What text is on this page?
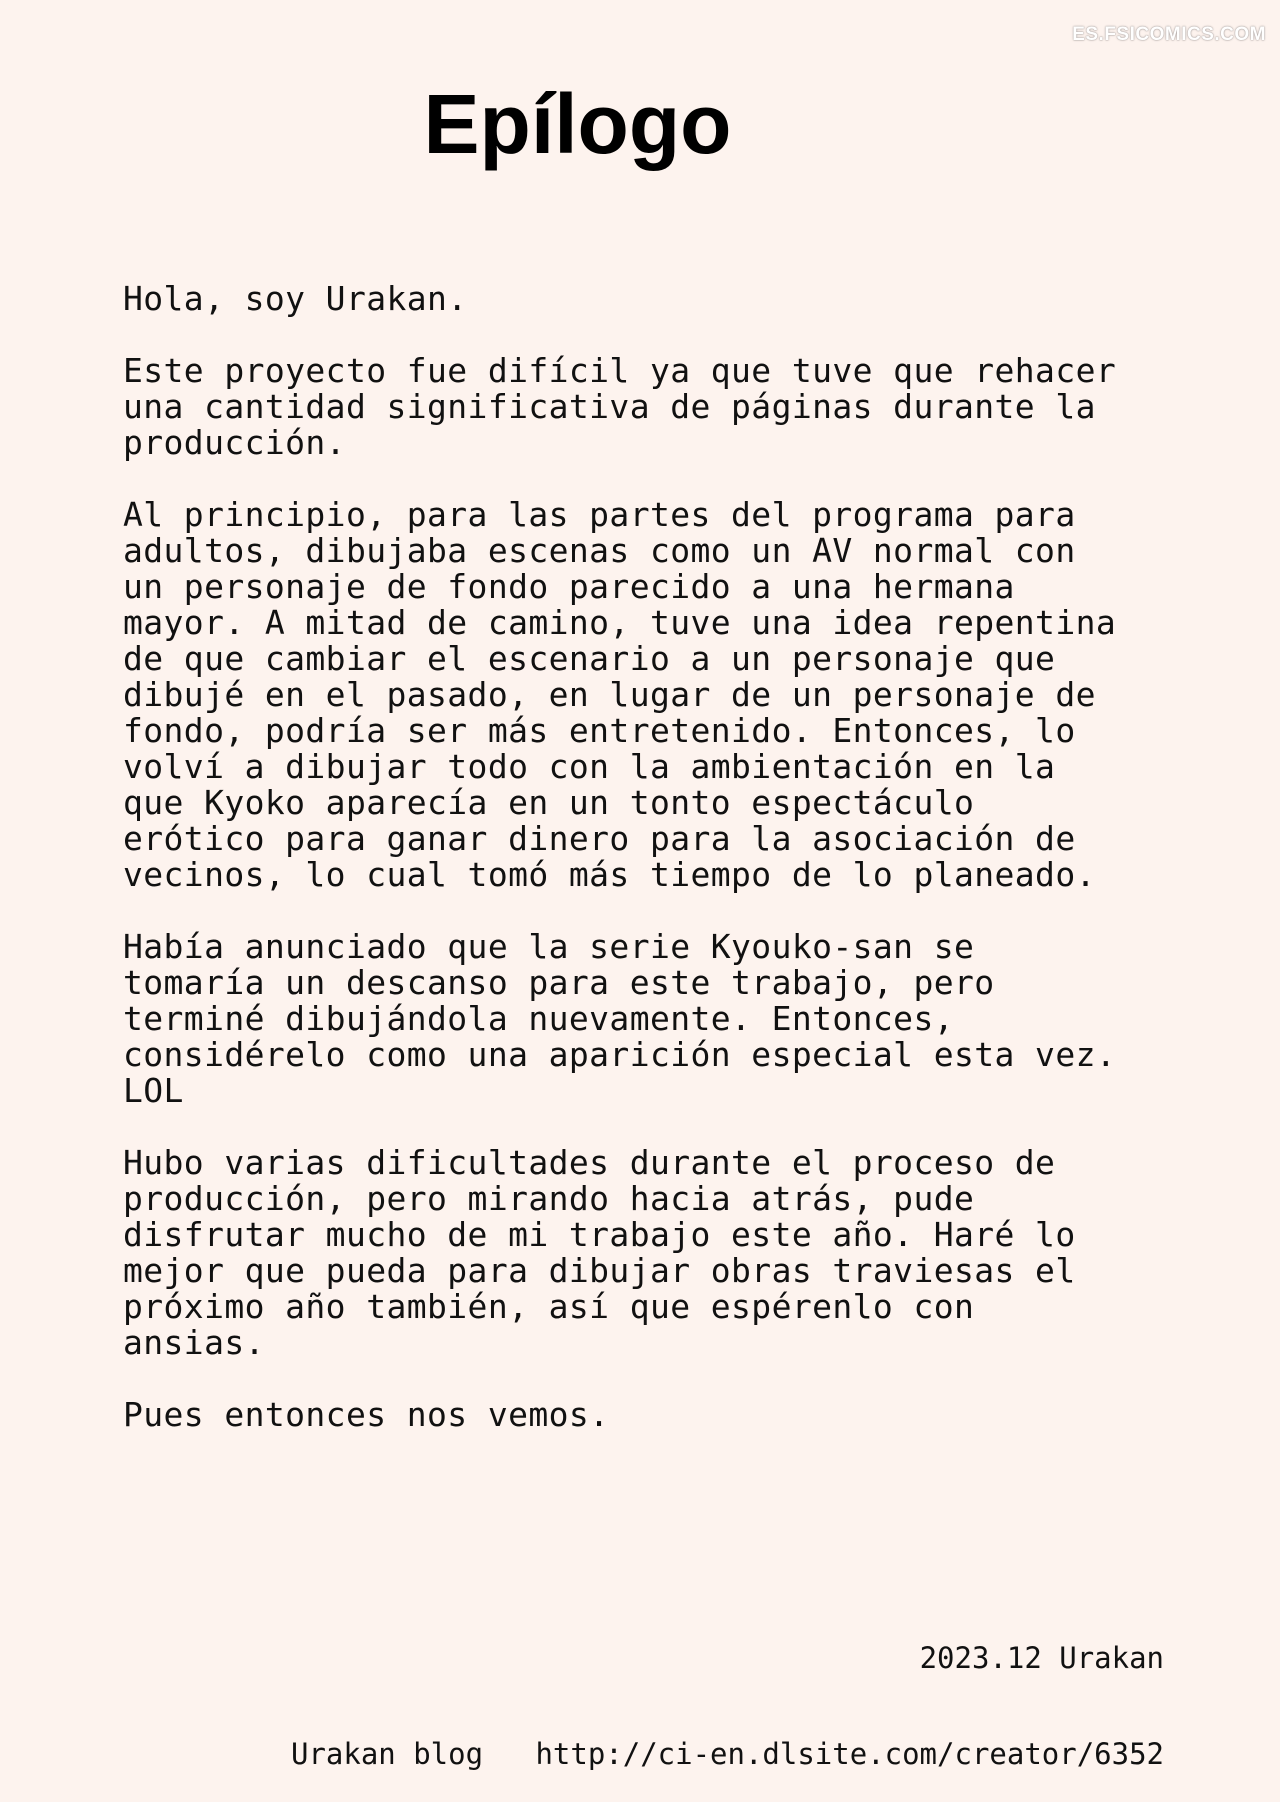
ES.FSICOMICS.COM
Epílogo

Hola, soy Urakan.

Este proyecto fue difícil ya que tuve que rehacer
una cantidad significativa de páginas durante la
producción.

Al principio, para las partes del programa para
adultos, dibujaba escenas como un AV normal con
un personaje de fondo parecido a una hermana
mayor. A mitad de camino, tuve una idea repentina
de que cambiar el escenario a un personaje que
dibujé en el pasado, en lugar de un personaje de
fondo, podría ser más entretenido. Entonces, lo
volví a dibujar todo con la ambientación en la
que Kyoko aparecía en un tonto espectáculo
erótico para ganar dinero para la asociación de
vecinos, lo cual tomó más tiempo de lo planeado.

Había anunciado que la serie Kyouko-san se
tomaría un descanso para este trabajo, pero
terminé dibujándola nuevamente. Entonces,
considérelo como una aparición especial esta vez.
LOL

Hubo varias dificultades durante el proceso de
producción, pero mirando hacia atrás, pude
disfrutar mucho de mi trabajo este año. Haré lo
mejor que pueda para dibujar obras traviesas el
próximo año también, así que espérenlo con
ansias.

Pues entonces nos vemos.

2023.12 Urakan

Urakan blog http://ci-en.dlsite.com/creator/6352
